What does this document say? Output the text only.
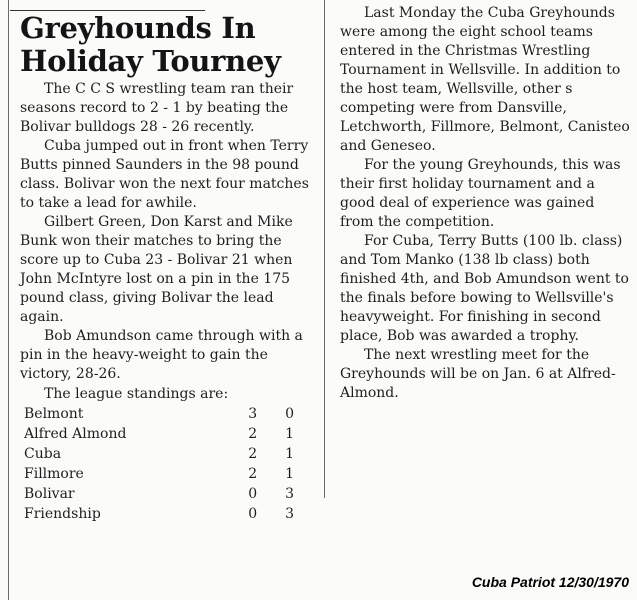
Greyhounds In
Holiday Tourney

The C C S wrestling team ran their seasons record to 2 - 1 by beating the Bolivar bulldogs 28 - 26 recently.

Cuba jumped out in front when Terry Butts pinned Saunders in the 98 pound class. Bolivar won the next four matches to take a lead for awhile.

Gilbert Green, Don Karst and Mike Bunk won their matches to bring the score up to Cuba 23 - Bolivar 21 when John McIntyre lost on a pin in the 175 pound class, giving Bolivar the lead again.

Bob Amundson came through with a pin in the heavy-weight to gain the victory, 28-26.

The league standings are:
Belmont	3	0
Alfred Almond	2	1
Cuba	2	1
Fillmore	2	1
Bolivar	0	3
Friendship	0	3

Last Monday the Cuba Greyhounds were among the eight school teams entered in the Christmas Wrestling Tournament in Wellsville. In addition to the host team, Wellsville, other s competing were from Dansville, Letchworth, Fillmore, Belmont, Canisteo and Geneseo.

For the young Greyhounds, this was their first holiday tournament and a good deal of experience was gained from the competition.

For Cuba, Terry Butts (100 lb. class) and Tom Manko (138 lb class) both finished 4th, and Bob Amundson went to the finals before bowing to Wellsville's heavyweight. For finishing in second place, Bob was awarded a trophy.

The next wrestling meet for the Greyhounds will be on Jan. 6 at Alfred-Almond.

Cuba Patriot 12/30/1970
